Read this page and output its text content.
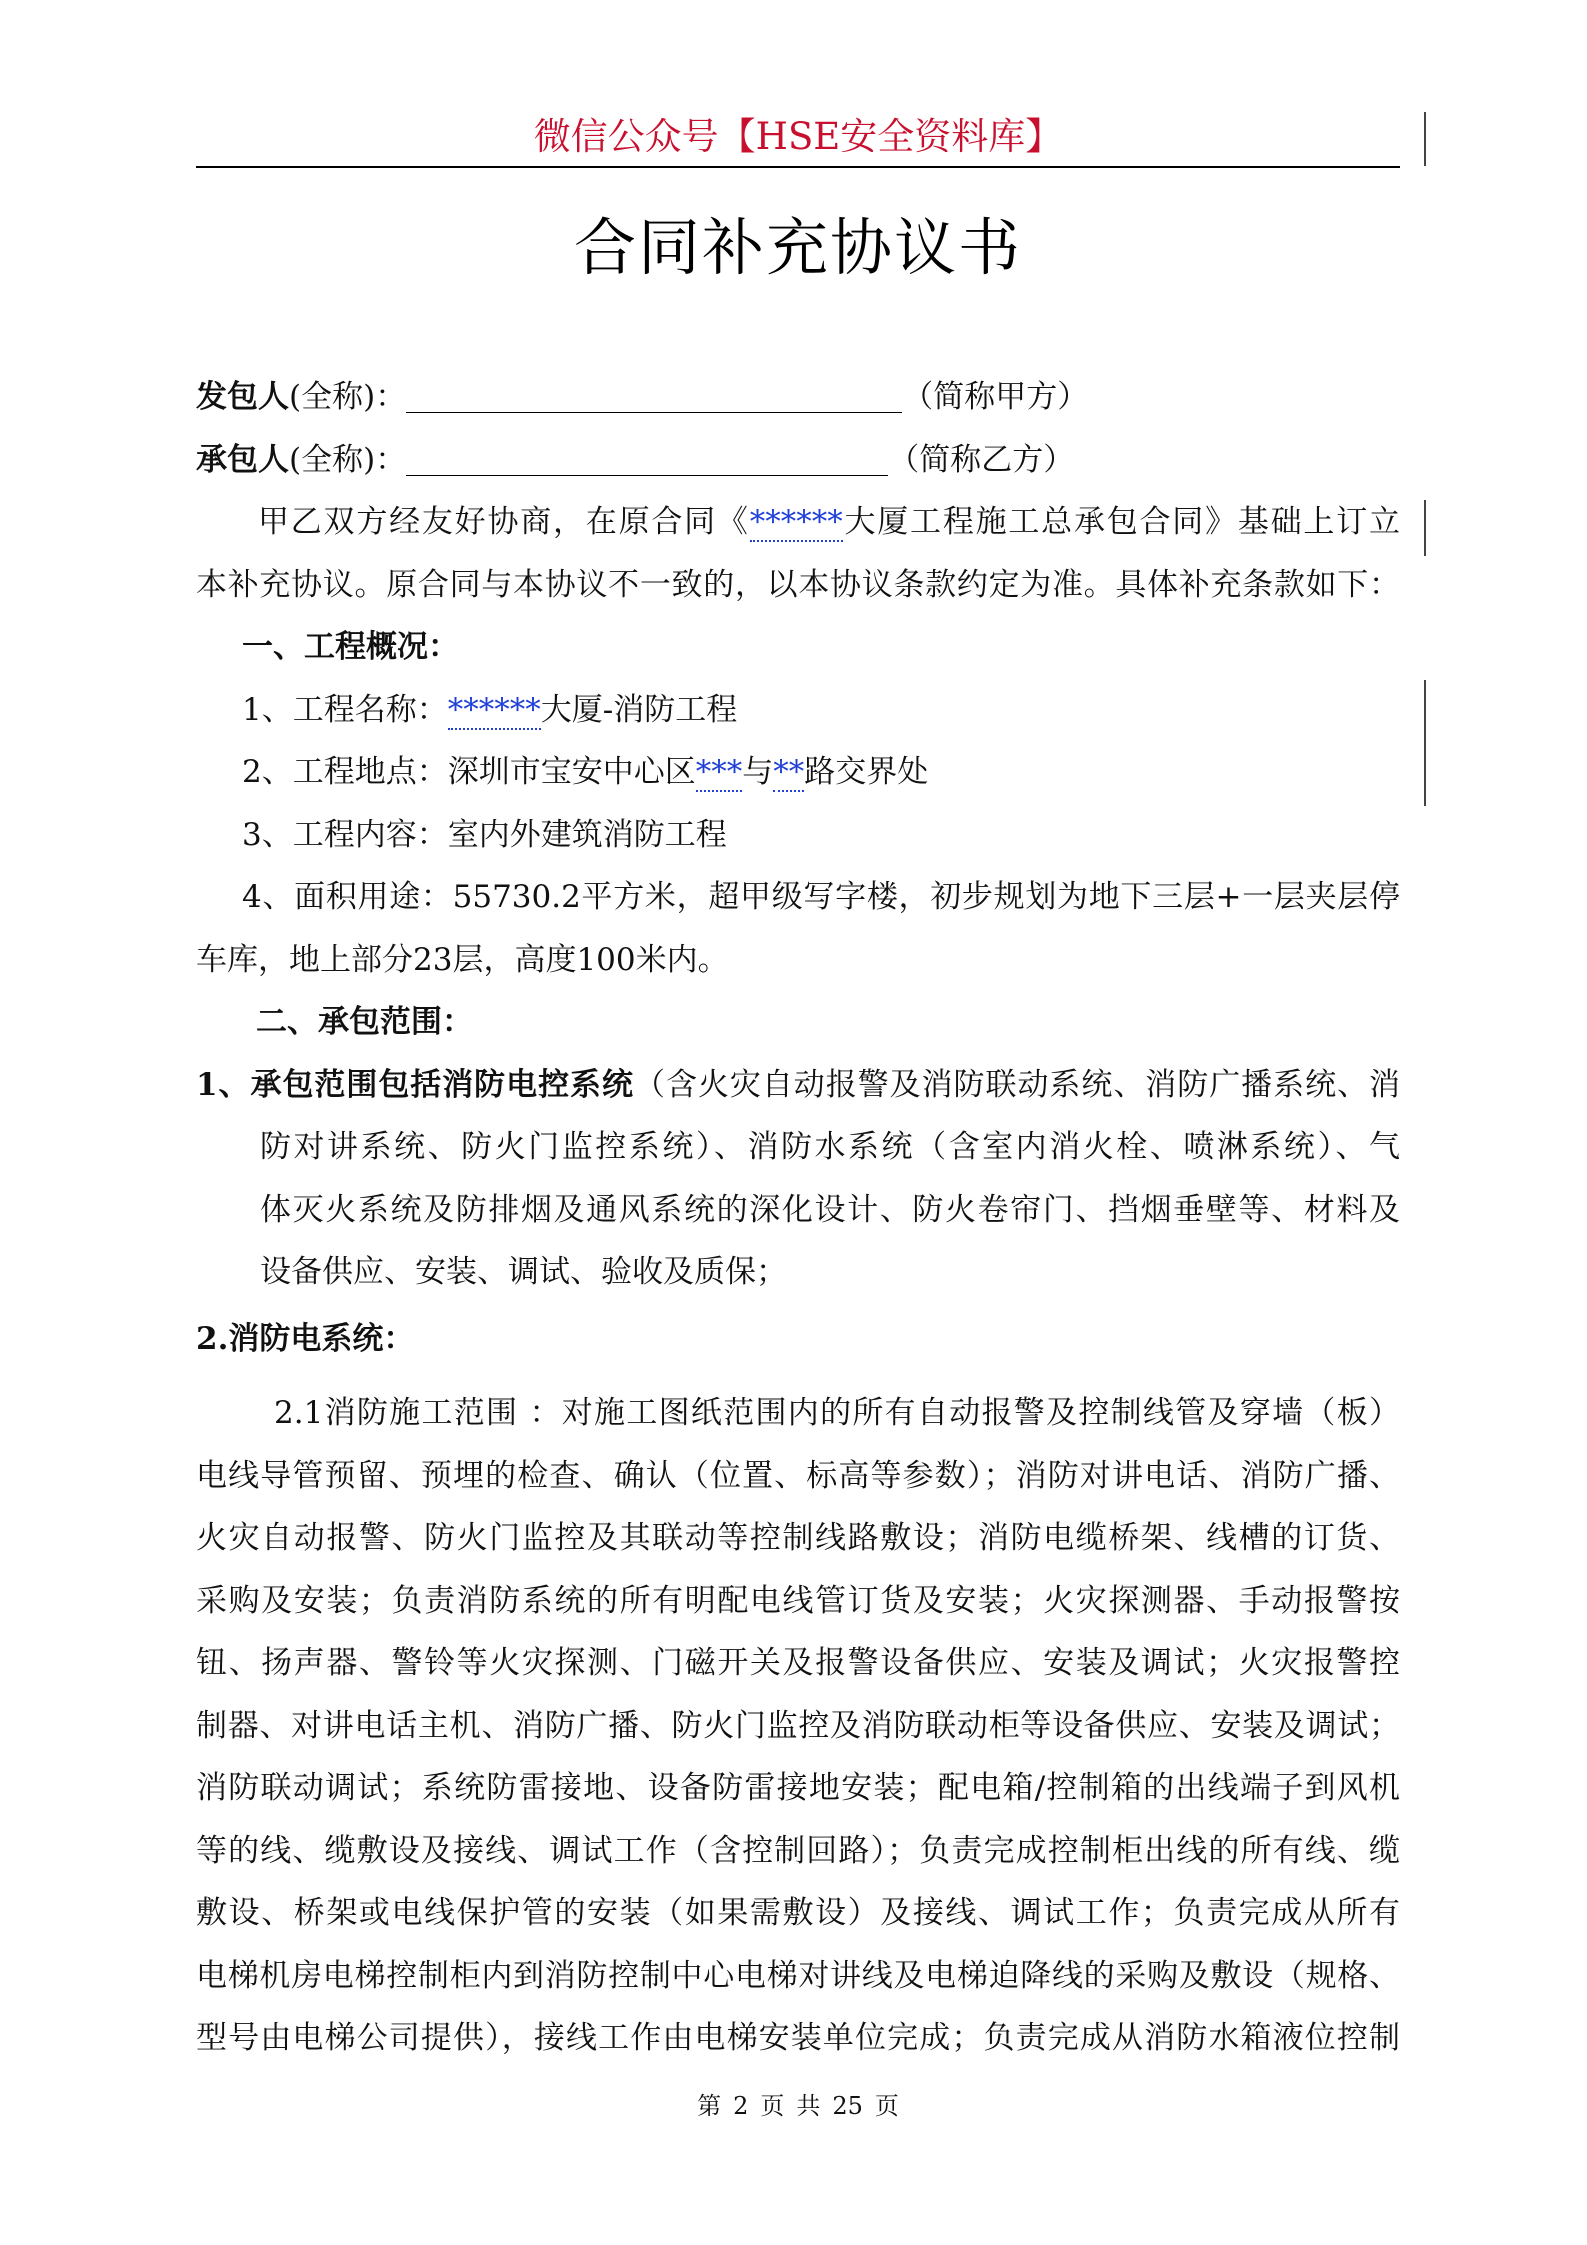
微信公众号【HSE安全资料库】
合同补充协议书

发包人(全称)：	（简称甲方）

承包人(全称)：	（简称乙方）

甲乙双方经友好协商，在原合同《******大厦工程施工总承包合同》基础上订立

本补充协议。原合同与本协议不一致的，以本协议条款约定为准。具体补充条款如下：

一、工程概况：

1、工程名称：******大厦-消防工程

2、工程地点：深圳市宝安中心区***与**路交界处

3、工程内容：室内外建筑消防工程

4、面积用途：55730.2平方米，超甲级写字楼，初步规划为地下三层+一层夹层停

车库，地上部分23层，高度100米内。

二、承包范围：

1、承包范围包括消防电控系统（含火灾自动报警及消防联动系统、消防广播系统、消

防对讲系统、防火门监控系统）、消防水系统（含室内消火栓、喷淋系统）、气

体灭火系统及防排烟及通风系统的深化设计、防火卷帘门、挡烟垂壁等、材料及

设备供应、安装、调试、验收及质保；

2.消防电系统：

2.1消防施工范围 ：对施工图纸范围内的所有自动报警及控制线管及穿墙（板）

电线导管预留、预埋的检查、确认（位置、标高等参数）；消防对讲电话、消防广播、

火灾自动报警、防火门监控及其联动等控制线路敷设；消防电缆桥架、线槽的订货、

采购及安装；负责消防系统的所有明配电线管订货及安装；火灾探测器、手动报警按

钮、扬声器、警铃等火灾探测、门磁开关及报警设备供应、安装及调试；火灾报警控

制器、对讲电话主机、消防广播、防火门监控及消防联动柜等设备供应、安装及调试；

消防联动调试；系统防雷接地、设备防雷接地安装；配电箱/控制箱的出线端子到风机

等的线、缆敷设及接线、调试工作（含控制回路）；负责完成控制柜出线的所有线、缆

敷设、桥架或电线保护管的安装（如果需敷设）及接线、调试工作；负责完成从所有

电梯机房电梯控制柜内到消防控制中心电梯对讲线及电梯迫降线的采购及敷设（规格、

型号由电梯公司提供），接线工作由电梯安装单位完成；负责完成从消防水箱液位控制

第 2 页 共 25 页
